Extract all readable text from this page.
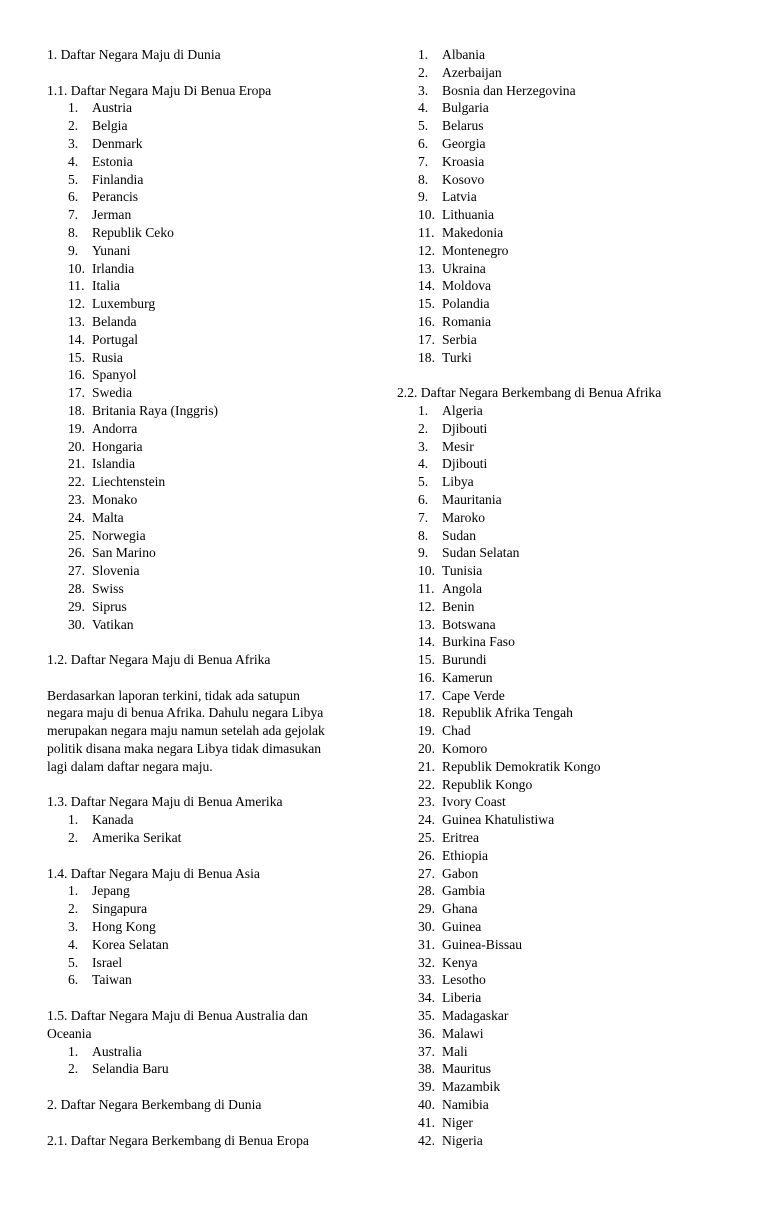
1. Daftar Negara Maju di Dunia
1.1. Daftar Negara Maju Di Benua Eropa
1. Austria
2. Belgia
3. Denmark
4. Estonia
5. Finlandia
6. Perancis
7. Jerman
8. Republik Ceko
9. Yunani
10. Irlandia
11. Italia
12. Luxemburg
13. Belanda
14. Portugal
15. Rusia
16. Spanyol
17. Swedia
18. Britania Raya (Inggris)
19. Andorra
20. Hongaria
21. Islandia
22. Liechtenstein
23. Monako
24. Malta
25. Norwegia
26. San Marino
27. Slovenia
28. Swiss
29. Siprus
30. Vatikan
1.2. Daftar Negara Maju di Benua Afrika
Berdasarkan laporan terkini, tidak ada satupun
negara maju di benua Afrika. Dahulu negara Libya
merupakan negara maju namun setelah ada gejolak
politik disana maka negara Libya tidak dimasukan
lagi dalam daftar negara maju.
1.3. Daftar Negara Maju di Benua Amerika
1. Kanada
2. Amerika Serikat
1.4. Daftar Negara Maju di Benua Asia
1. Jepang
2. Singapura
3. Hong Kong
4. Korea Selatan
5. Israel
6. Taiwan
1.5. Daftar Negara Maju di Benua Australia dan
Oceania
1. Australia
2. Selandia Baru
2. Daftar Negara Berkembang di Dunia
2.1. Daftar Negara Berkembang di Benua Eropa
1. Albania
2. Azerbaijan
3. Bosnia dan Herzegovina
4. Bulgaria
5. Belarus
6. Georgia
7. Kroasia
8. Kosovo
9. Latvia
10. Lithuania
11. Makedonia
12. Montenegro
13. Ukraina
14. Moldova
15. Polandia
16. Romania
17. Serbia
18. Turki
2.2. Daftar Negara Berkembang di Benua Afrika
1. Algeria
2. Djibouti
3. Mesir
4. Djibouti
5. Libya
6. Mauritania
7. Maroko
8. Sudan
9. Sudan Selatan
10. Tunisia
11. Angola
12. Benin
13. Botswana
14. Burkina Faso
15. Burundi
16. Kamerun
17. Cape Verde
18. Republik Afrika Tengah
19. Chad
20. Komoro
21. Republik Demokratik Kongo
22. Republik Kongo
23. Ivory Coast
24. Guinea Khatulistiwa
25. Eritrea
26. Ethiopia
27. Gabon
28. Gambia
29. Ghana
30. Guinea
31. Guinea-Bissau
32. Kenya
33. Lesotho
34. Liberia
35. Madagaskar
36. Malawi
37. Mali
38. Mauritus
39. Mazambik
40. Namibia
41. Niger
42. Nigeria
